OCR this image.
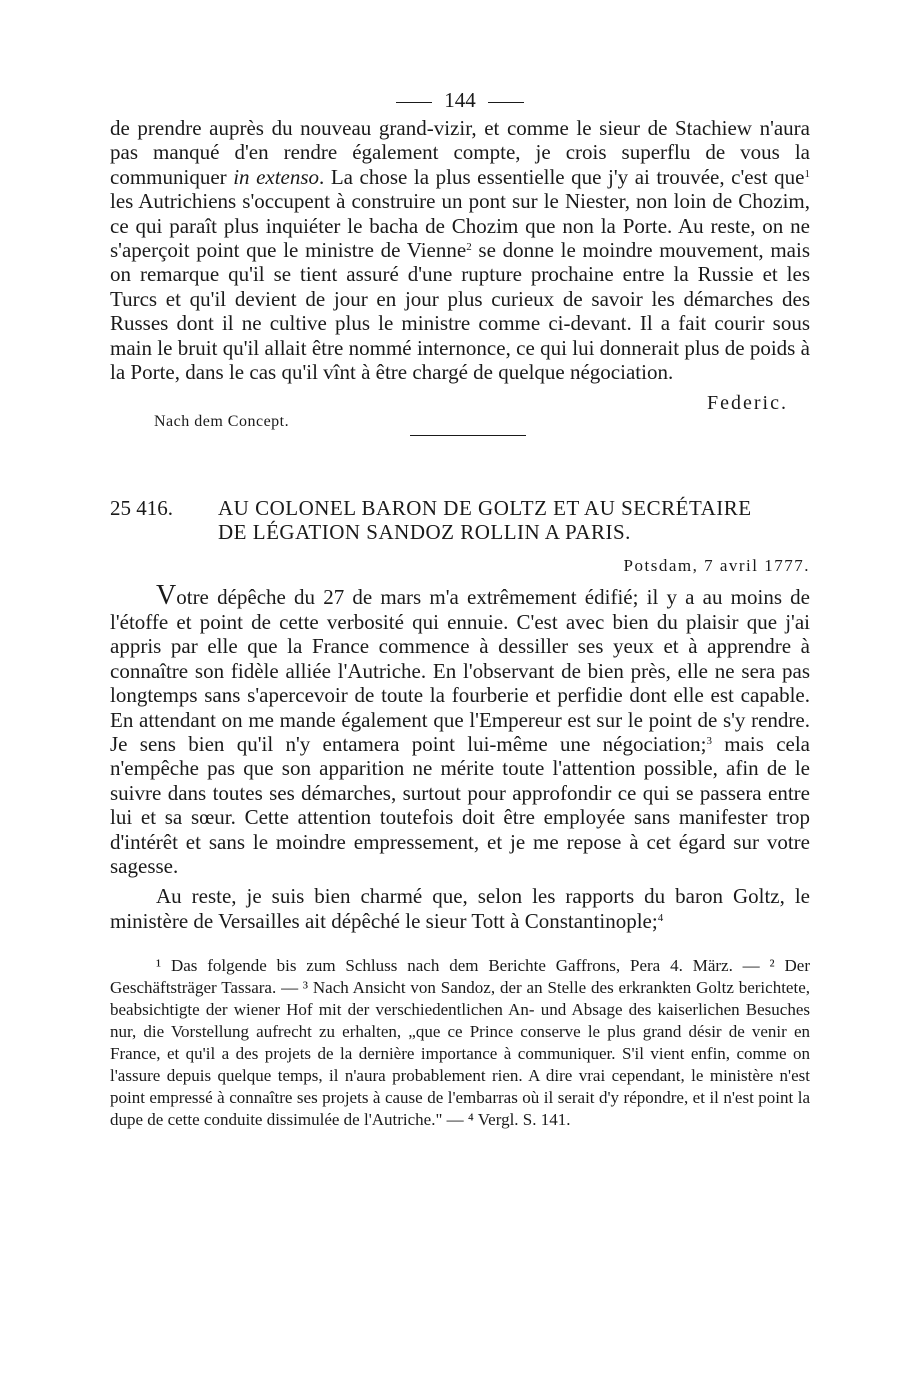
144

de prendre auprès du nouveau grand-vizir, et comme le sieur de Stachiew n'aura pas manqué d'en rendre également compte, je crois superflu de vous la communiquer in extenso. La chose la plus essentielle que j'y ai trouvée, c'est que$^1$ les Autrichiens s'occupent à construire un pont sur le Niester, non loin de Chozim, ce qui paraît plus inquiéter le bacha de Chozim que non la Porte. Au reste, on ne s'aperçoit point que le ministre de Vienne$^2$ se donne le moindre mouvement, mais on remarque qu'il se tient assuré d'une rupture prochaine entre la Russie et les Turcs et qu'il devient de jour en jour plus curieux de savoir les démarches des Russes dont il ne cultive plus le ministre comme ci-devant. Il a fait courir sous main le bruit qu'il allait être nommé internonce, ce qui lui donnerait plus de poids à la Porte, dans le cas qu'il vînt à être chargé de quelque négociation.

Federic.
Nach dem Concept.
25 416.	AU COLONEL BARON DE GOLTZ ET AU SECRÉTAIRE
DE LÉGATION SANDOZ ROLLIN A PARIS.
Potsdam, 7 avril 1777.

Votre dépêche du 27 de mars m'a extrêmement édifié; il y a au moins de l'étoffe et point de cette verbosité qui ennuie. C'est avec bien du plaisir que j'ai appris par elle que la France commence à dessiller ses yeux et à apprendre à connaître son fidèle alliée l'Autriche. En l'observant de bien près, elle ne sera pas longtemps sans s'apercevoir de toute la fourberie et perfidie dont elle est capable. En attendant on me mande également que l'Empereur est sur le point de s'y rendre. Je sens bien qu'il n'y entamera point lui-même une négociation;$^3$ mais cela n'empêche pas que son apparition ne mérite toute l'attention possible, afin de le suivre dans toutes ses démarches, surtout pour approfondir ce qui se passera entre lui et sa sœur. Cette attention toutefois doit être employée sans manifester trop d'intérêt et sans le moindre empressement, et je me repose à cet égard sur votre sagesse.

Au reste, je suis bien charmé que, selon les rapports du baron Goltz, le ministère de Versailles ait dépêché le sieur Tott à Constantinople;$^4$

¹ Das folgende bis zum Schluss nach dem Berichte Gaffrons, Pera 4. März. — ² Der Geschäftsträger Tassara. — ³ Nach Ansicht von Sandoz, der an Stelle des erkrankten Goltz berichtete, beabsichtigte der wiener Hof mit der verschiedentlichen An- und Absage des kaiserlichen Besuches nur, die Vorstellung aufrecht zu erhalten, „que ce Prince conserve le plus grand désir de venir en France, et qu'il a des projets de la dernière importance à communiquer. S'il vient enfin, comme on l'assure depuis quelque temps, il n'aura probablement rien. A dire vrai cependant, le ministère n'est point empressé à connaître ses projets à cause de l'embarras où il serait d'y répondre, et il n'est point la dupe de cette conduite dissimulée de l'Autriche." — ⁴ Vergl. S. 141.
